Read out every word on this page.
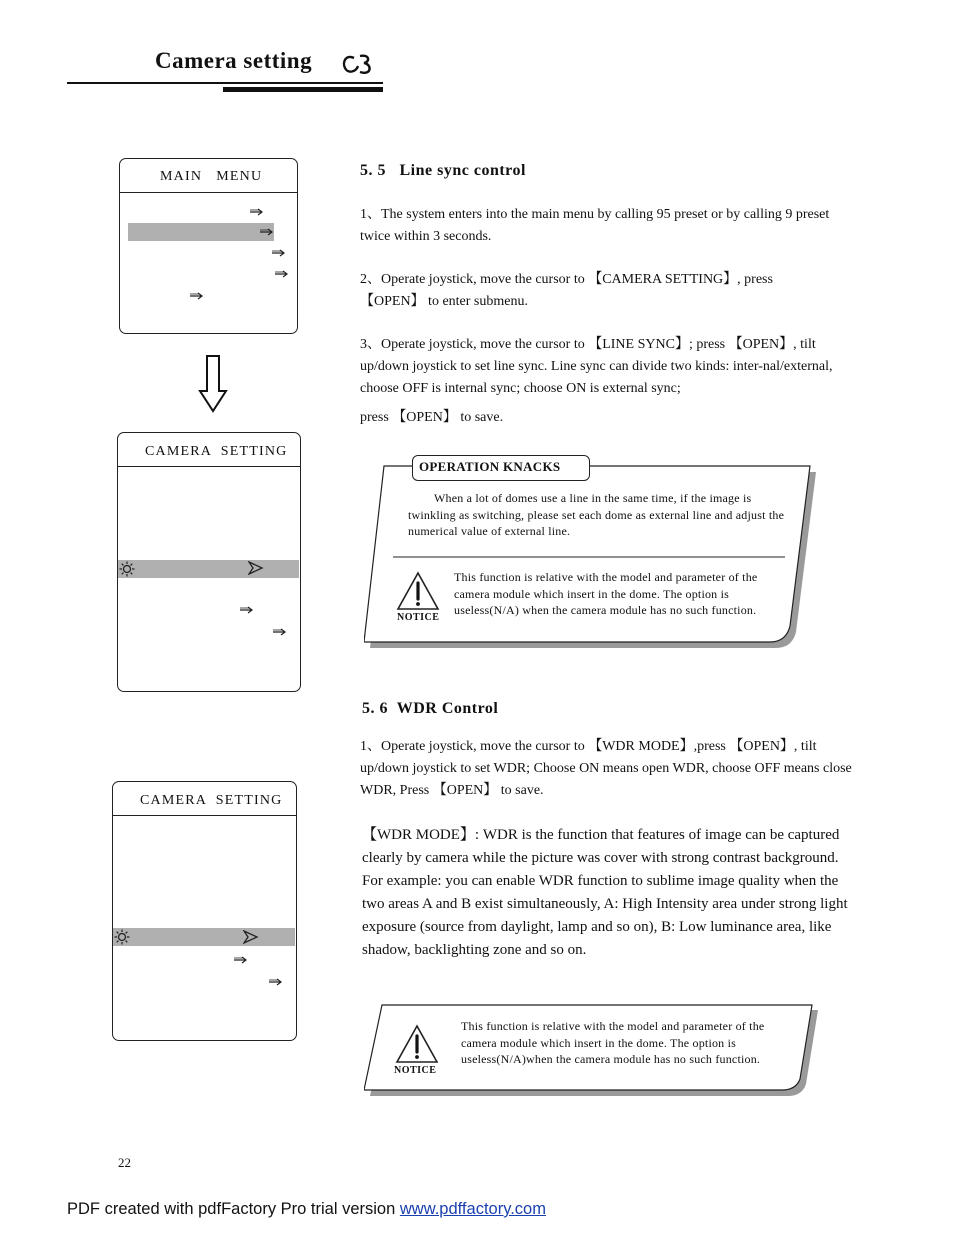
Camera setting
MAIN   MENU
CAMERA  SETTING
CAMERA  SETTING
5. 5   Line sync control
1、The system enters into the main menu by calling 95 preset or by calling 9 preset twice within 3 seconds.
2、Operate joystick, move the cursor to 【CAMERA SETTING】, press 【OPEN】 to enter submenu.
3、Operate joystick, move the cursor to 【LINE SYNC】; press 【OPEN】, tilt up/down joystick to set line sync. Line sync can divide two kinds: inter-nal/external, choose OFF is internal sync; choose ON is external sync;
press 【OPEN】 to save.
OPERATION KNACKS
When a lot of domes use a line in the same time, if the image is twinkling as switching, please set each dome as external line and adjust the numerical value of external line.
NOTICE
This function is relative with the model and parameter of the camera module which insert in the dome. The option is useless(N/A) when the camera module has no such function.
5. 6  WDR Control
1、Operate joystick, move the cursor to 【WDR MODE】,press 【OPEN】, tilt up/down joystick to set WDR; Choose ON means open WDR, choose OFF means close WDR, Press 【OPEN】 to save.
【WDR MODE】: WDR is the function that features of image can be captured clearly by camera while the picture was cover with strong contrast background. For example: you can enable WDR function to sublime image quality when the two areas A and B exist simultaneously, A: High Intensity area under strong light exposure (source from daylight, lamp and so on), B: Low luminance area, like shadow, backlighting zone and so on.
NOTICE
This function is relative with the model and parameter of the camera module which insert in the dome. The option is useless(N/A)when the camera module has no such function.
22
PDF created with pdfFactory Pro trial version www.pdffactory.com
